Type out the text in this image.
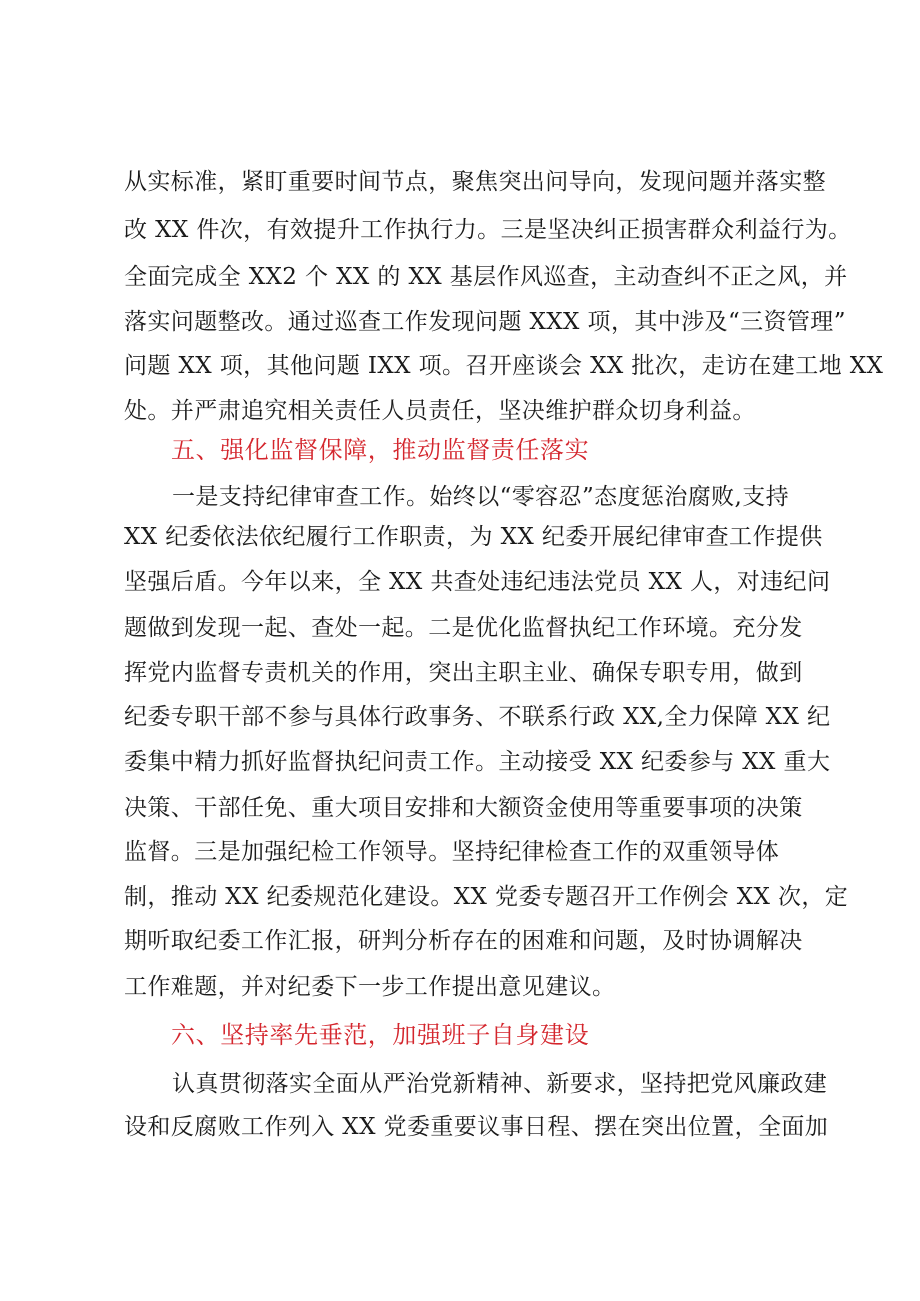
从实标准，紧盯重要时间节点，聚焦突出问导向，发现问题并落实整
改 XX 件次，有效提升工作执行力。三是坚决纠正损害群众利益行为。
全面完成全 XX2 个 XX 的 XX 基层作风巡查，主动查纠不正之风，并
落实问题整改。通过巡查工作发现问题 XXX 项，其中涉及“三资管理”
问题 XX 项，其他问题 IXX 项。召开座谈会 XX 批次，走访在建工地 XX
处。并严肃追究相关责任人员责任，坚决维护群众切身利益。
五、强化监督保障，推动监督责任落实
一是支持纪律审查工作。始终以“零容忍”态度惩治腐败,支持
XX 纪委依法依纪履行工作职责，为 XX 纪委开展纪律审查工作提供
坚强后盾。今年以来，全 XX 共查处违纪违法党员 XX 人，对违纪问
题做到发现一起、查处一起。二是优化监督执纪工作环境。充分发
挥党内监督专责机关的作用，突出主职主业、确保专职专用，做到
纪委专职干部不参与具体行政事务、不联系行政 XX,全力保障 XX 纪
委集中精力抓好监督执纪问责工作。主动接受 XX 纪委参与 XX 重大
决策、干部任免、重大项目安排和大额资金使用等重要事项的决策
监督。三是加强纪检工作领导。坚持纪律检查工作的双重领导体
制，推动 XX 纪委规范化建设。XX 党委专题召开工作例会 XX 次，定
期听取纪委工作汇报，研判分析存在的困难和问题，及时协调解决
工作难题，并对纪委下一步工作提出意见建议。
六、坚持率先垂范，加强班子自身建设
认真贯彻落实全面从严治党新精神、新要求，坚持把党风廉政建
设和反腐败工作列入 XX 党委重要议事日程、摆在突出位置，全面加
